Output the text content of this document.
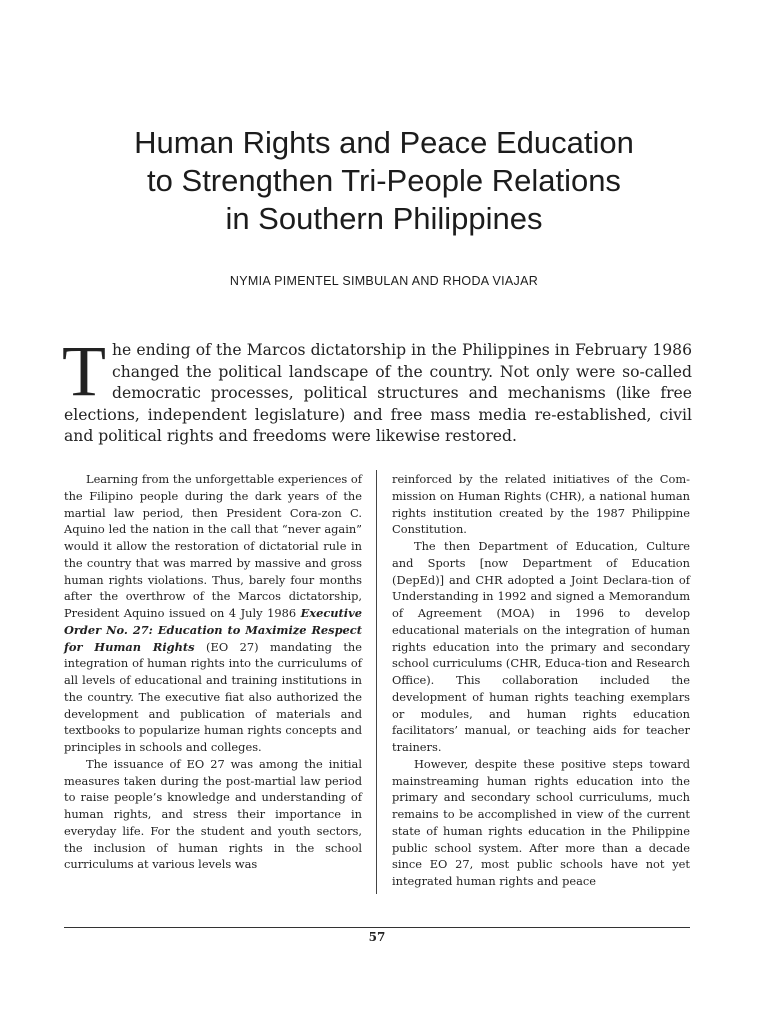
Human Rights and Peace Education
to Strengthen Tri-People Relations
in Southern Philippines
NYMIA PIMENTEL SIMBULAN AND RHODA VIAJAR

The ending of the Marcos dictatorship in the Philippines in February 1986 changed the political landscape of the country. Not only were so-called democratic processes, political structures and mechanisms (like free elections, independent legislature) and free mass media re-established, civil and political rights and freedoms were likewise restored.

Learning from the unforgettable experiences of the Filipino people during the dark years of the martial law period, then President Cora-zon C. Aquino led the nation in the call that “never again” would it allow the restoration of dictatorial rule in the country that was marred by massive and gross human rights violations. Thus, barely four months after the overthrow of the Marcos dictatorship, President Aquino issued on 4 July 1986 Executive Order No. 27: Education to Maximize Respect for Human Rights (EO 27) mandating the integration of human rights into the curriculums of all levels of educational and training institutions in the country. The executive fiat also authorized the development and publication of materials and textbooks to popularize human rights concepts and principles in schools and colleges.

The issuance of EO 27 was among the initial measures taken during the post-martial law period to raise people’s knowledge and understanding of human rights, and stress their importance in everyday life. For the student and youth sectors, the inclusion of human rights in the school curriculums at various levels was

reinforced by the related initiatives of the Com-mission on Human Rights (CHR), a national human rights institution created by the 1987 Philippine Constitution.

The then Department of Education, Culture and Sports [now Department of Education (DepEd)] and CHR adopted a Joint Declara-tion of Understanding in 1992 and signed a Memorandum of Agreement (MOA) in 1996 to develop educational materials on the integration of human rights education into the primary and secondary school curriculums (CHR, Educa-tion and Research Office). This collaboration included the development of human rights teaching exemplars or modules, and human rights education facilitators’ manual, or teaching aids for teacher trainers.

However, despite these positive steps toward mainstreaming human rights education into the primary and secondary school curriculums, much remains to be accomplished in view of the current state of human rights education in the Philippine public school system. After more than a decade since EO 27, most public schools have not yet integrated human rights and peace

57
